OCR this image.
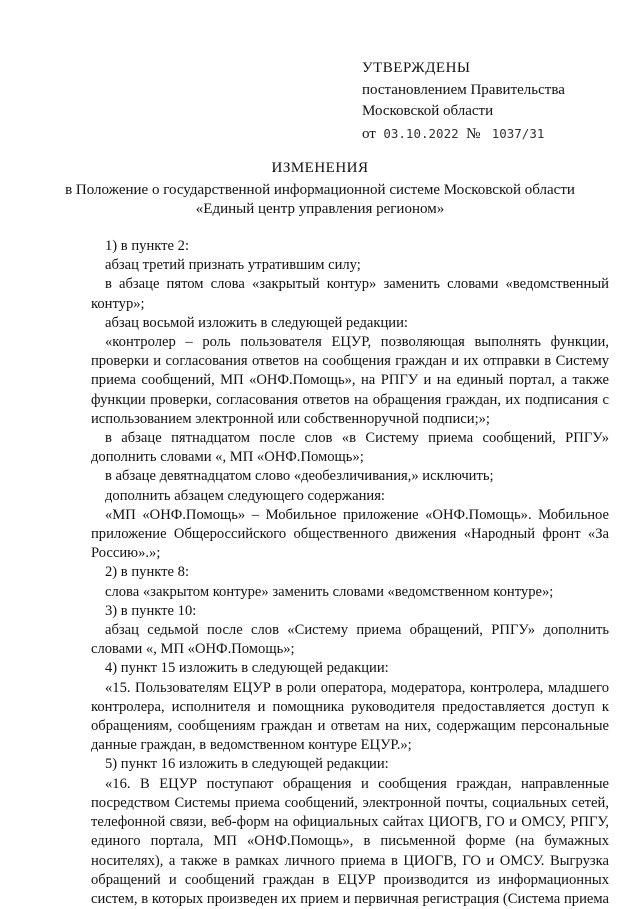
УТВЕРЖДЕНЫ
постановлением Правительства
Московской области
от 03.10.2022 № 1037/31
ИЗМЕНЕНИЯ
в Положение о государственной информационной системе Московской области
«Единый центр управления регионом»

1) в пункте 2:

абзац третий признать утратившим силу;

в абзаце пятом слова «закрытый контур» заменить словами «ведомственный контур»;

абзац восьмой изложить в следующей редакции:

«контролер – роль пользователя ЕЦУР, позволяющая выполнять функции, проверки и согласования ответов на сообщения граждан и их отправки в Систему приема сообщений, МП «ОНФ.Помощь», на РПГУ и на единый портал, а также функции проверки, согласования ответов на обращения граждан, их подписания с использованием электронной или собственноручной подписи;»;

в абзаце пятнадцатом после слов «в Систему приема сообщений, РПГУ» дополнить словами «, МП «ОНФ.Помощь»;

в абзаце девятнадцатом слово «деобезличивания,» исключить;

дополнить абзацем следующего содержания:

«МП «ОНФ.Помощь» – Мобильное приложение «ОНФ.Помощь». Мобильное приложение Общероссийского общественного движения «Народный фронт «За Россию».»;

2) в пункте 8:

слова «закрытом контуре» заменить словами «ведомственном контуре»;

3) в пункте 10:

абзац седьмой после слов «Систему приема обращений, РПГУ» дополнить словами «, МП «ОНФ.Помощь»;

4) пункт 15 изложить в следующей редакции:

«15. Пользователям ЕЦУР в роли оператора, модератора, контролера, младшего контролера, исполнителя и помощника руководителя предоставляется доступ к обращениям, сообщениям граждан и ответам на них, содержащим персональные данные граждан, в ведомственном контуре ЕЦУР.»;

5) пункт 16 изложить в следующей редакции:

«16. В ЕЦУР поступают обращения и сообщения граждан, направленные посредством Системы приема сообщений, электронной почты, социальных сетей, телефонной связи, веб-форм на официальных сайтах ЦИОГВ, ГО и ОМСУ, РПГУ, единого портала, МП «ОНФ.Помощь», в письменной форме (на бумажных носителях), а также в рамках личного приема в ЦИОГВ, ГО и ОМСУ. Выгрузка обращений и сообщений граждан в ЕЦУР производится из информационных систем, в которых произведен их прием и первичная регистрация (Система приема
